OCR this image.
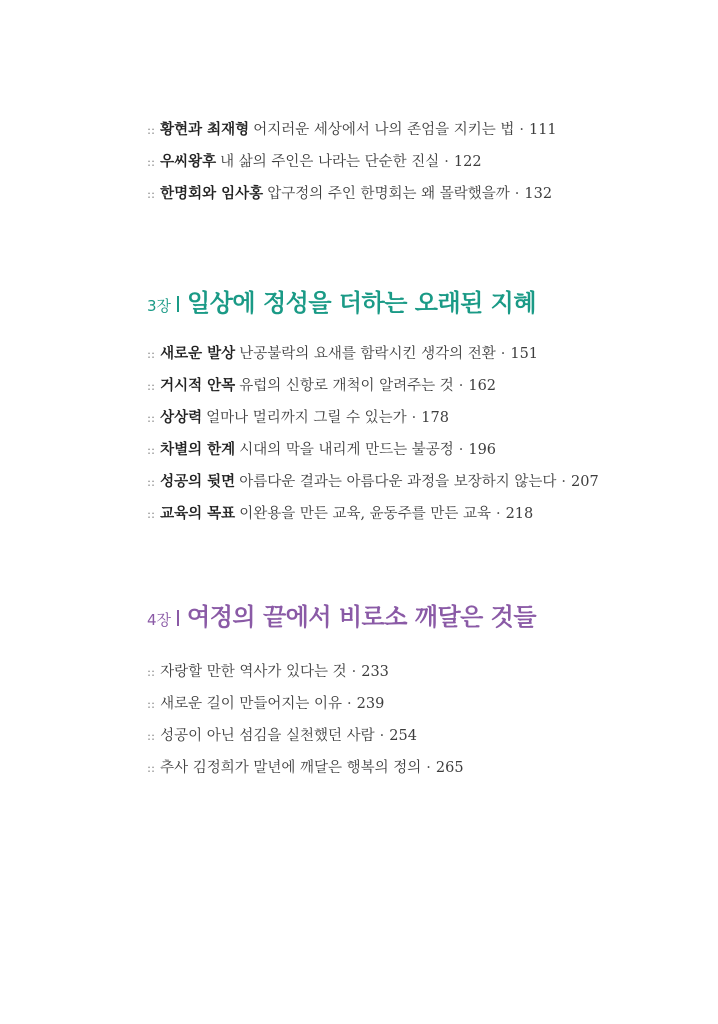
:: 황현과 최재형 어지러운 세상에서 나의 존엄을 지키는 법 · 111
:: 우씨왕후 내 삶의 주인은 나라는 단순한 진실 · 122
:: 한명회와 임사홍 압구정의 주인 한명회는 왜 몰락했을까 · 132
3장 일상에 정성을 더하는 오래된 지혜
:: 새로운 발상 난공불락의 요새를 함락시킨 생각의 전환 · 151
:: 거시적 안목 유럽의 신항로 개척이 알려주는 것 · 162
:: 상상력 얼마나 멀리까지 그릴 수 있는가 · 178
:: 차별의 한계 시대의 막을 내리게 만드는 불공정 · 196
:: 성공의 뒷면 아름다운 결과는 아름다운 과정을 보장하지 않는다 · 207
:: 교육의 목표 이완용을 만든 교육, 윤동주를 만든 교육 · 218
4장 여정의 끝에서 비로소 깨달은 것들
:: 자랑할 만한 역사가 있다는 것 · 233
:: 새로운 길이 만들어지는 이유 · 239
:: 성공이 아닌 섬김을 실천했던 사람 · 254
:: 추사 김정희가 말년에 깨달은 행복의 정의 · 265
